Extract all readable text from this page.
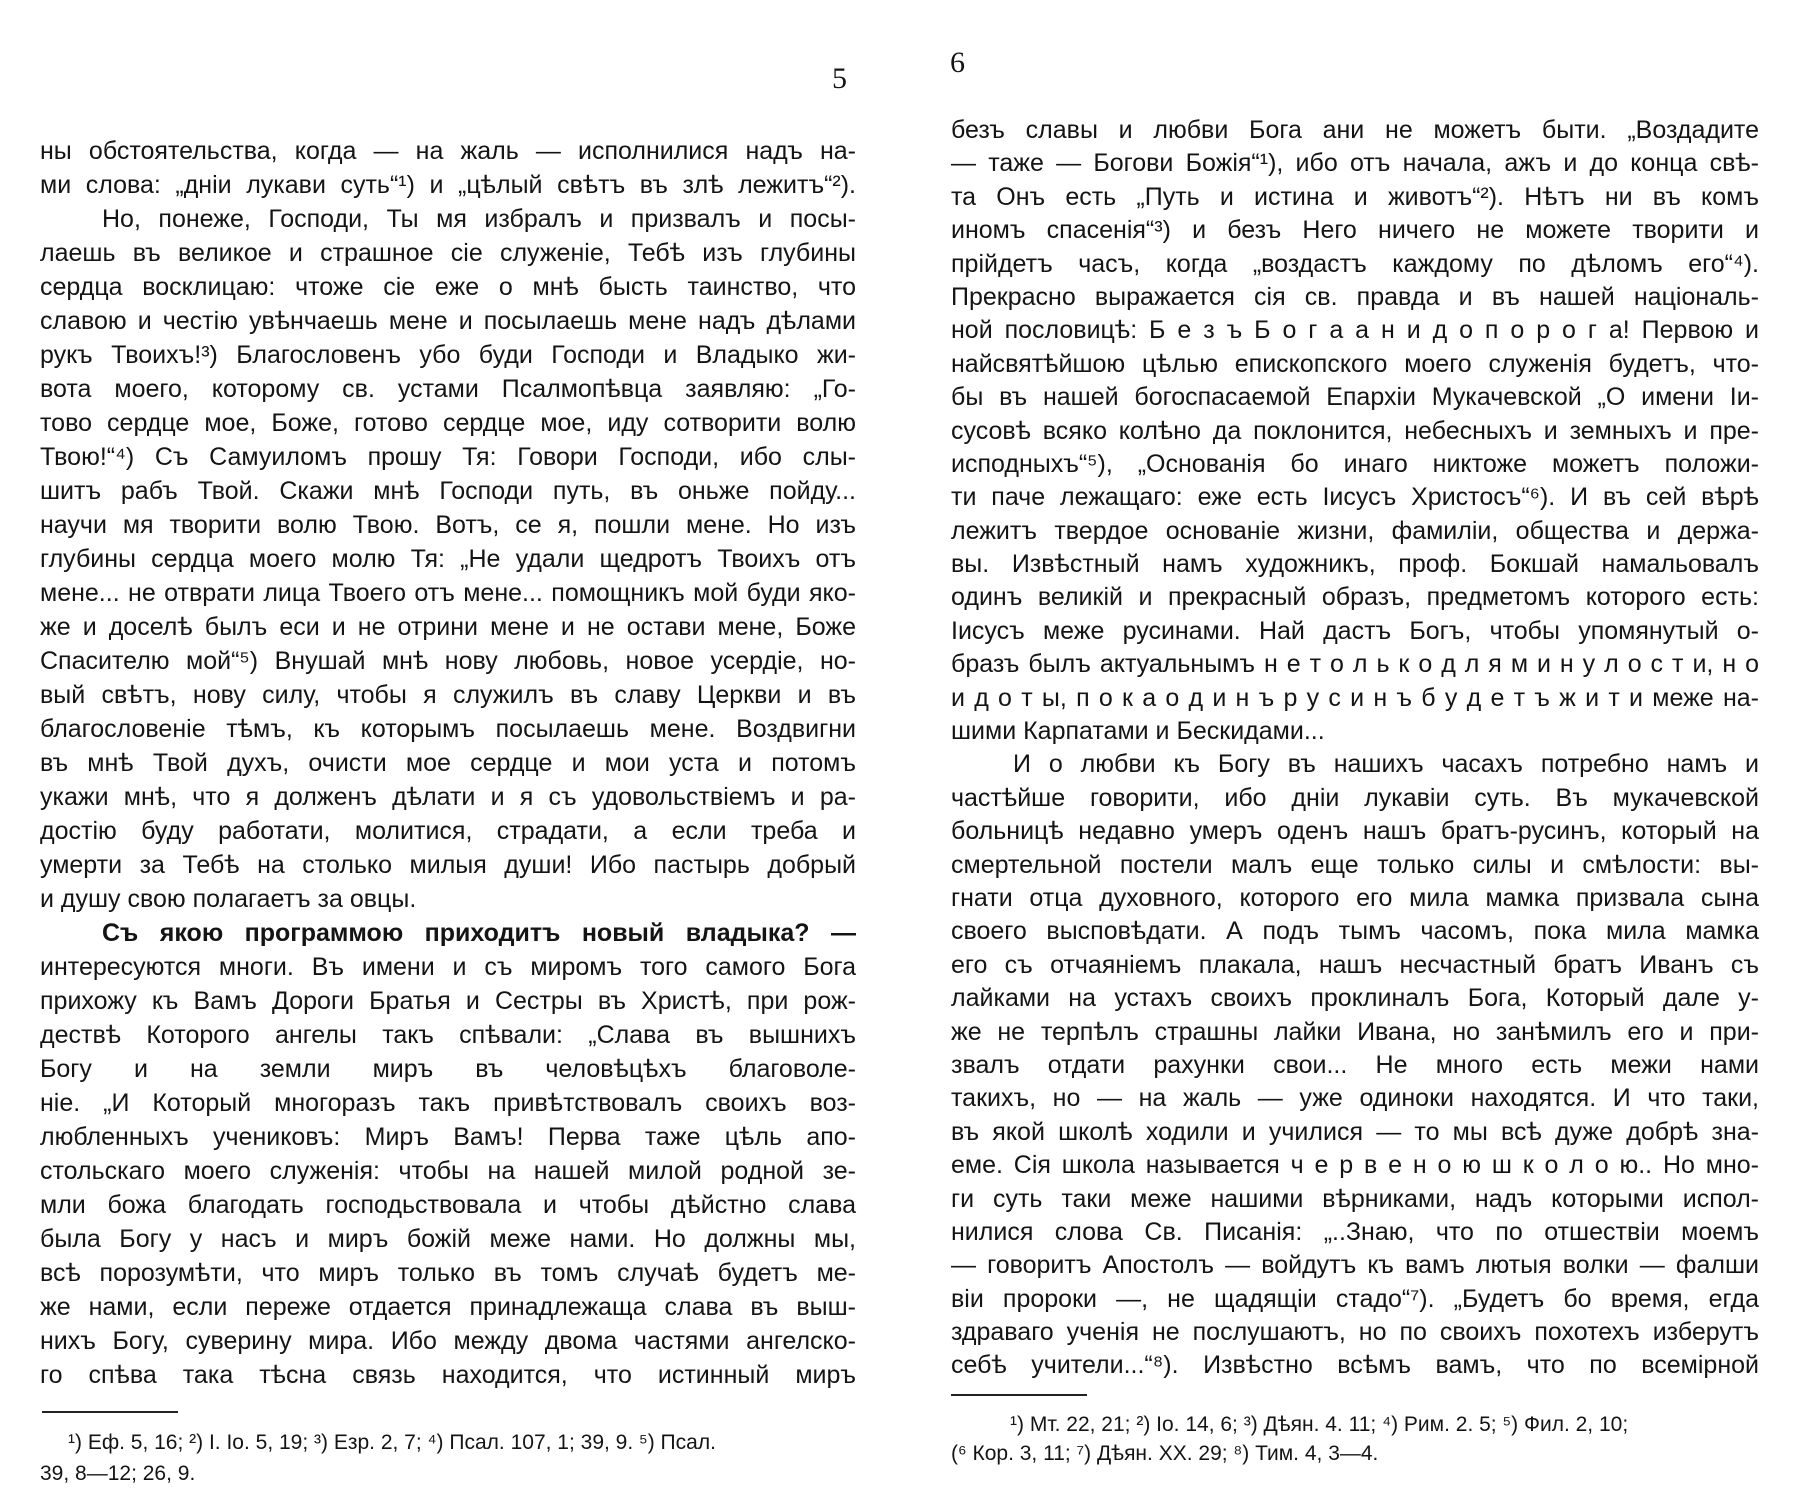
5
ны обстоятельства, когда — на жаль — исполнилися надъ на-
ми слова: „днiи лукави суть“¹) и „цѣлый свѣтъ въ злѣ лежитъ“²).
Но, понеже, Господи, Ты мя избралъ и призвалъ и посы-
лаешь въ великое и страшное сіе служеніе, Тебѣ изъ глубины
сердца восклицаю: чтоже сіе еже о мнѣ бысть таинство, что
славою и честію увѣнчаешь мене и посылаешь мене надъ дѣлами
рукъ Твоихъ!³) Благословенъ убо буди Господи и Владыко жи-
вота моего, которому св. устами Псалмопѣвца заявляю: „Го-
тово сердце мое, Боже, готово сердце мое, иду сотворити волю
Твою!“⁴) Съ Самуиломъ прошу Тя: Говори Господи, ибо слы-
шитъ рабъ Твой. Скажи мнѣ Господи путь, въ оньже пойду...
научи мя творити волю Твою. Вотъ, се я, пошли мене. Но изъ
глубины сердца моего молю Тя: „Не удали щедротъ Твоихъ отъ
мене... не отврати лица Твоего отъ мене... помощникъ мой буди яко-
же и доселѣ былъ еси и не отрини мене и не остави мене, Боже
Спасителю мой“⁵) Внушай мнѣ нову любовь, новое усердіе, но-
вый свѣтъ, нову силу, чтобы я служилъ въ славу Церкви и въ
благословеніе тѣмъ, къ которымъ посылаешь мене. Воздвигни
въ мнѣ Твой духъ, очисти мое сердце и мои уста и потомъ
укажи мнѣ, что я долженъ дѣлати и я съ удовольствіемъ и ра-
достію буду работати, молитися, страдати, а если треба и
умерти за Тебѣ на столько милыя души! Ибо пастырь добрый
и душу свою полагаетъ за овцы.
Съ якою программою приходитъ новый владыка? —
интересуются многи. Въ имени и съ миромъ того самого Бога
прихожу къ Вамъ Дороги Братья и Сестры въ Христѣ, при рож-
дествѣ Которого ангелы такъ спѣвали: „Слава въ вышнихъ
Богу и на земли миръ въ человѣцѣхъ благоволе-
ніе. „И Который многоразъ такъ привѣтствовалъ своихъ воз-
любленныхъ учениковъ: Миръ Вамъ! Перва таже цѣль апо-
стольскаго моего служенія: чтобы на нашей милой родной зе-
мли божа благодать господьствовала и чтобы дѣйстно слава
была Богу у насъ и миръ божій меже нами. Но должны мы,
всѣ порозумѣти, что миръ только въ томъ случаѣ будетъ ме-
же нами, если переже отдается принадлежаща слава въ выш-
нихъ Богу, суверину мира. Ибо между двома частями ангелско-
го спѣва така тѣсна связь находится, что истинный миръ
¹) Еф. 5, 16; ²) I. Io. 5, 19; ³) Езр. 2, 7; ⁴) Псал. 107, 1; 39, 9. ⁵) Псал.
39, 8—12; 26, 9.
6
безъ славы и любви Бога ани не можетъ быти. „Воздадите
— таже — Богови Божія“¹), ибо отъ начала, ажъ и до конца свѣ-
та Онъ есть „Путь и истина и животъ“²). Нѣтъ ни въ комъ
иномъ спасенія“³) и безъ Него ничего не можете творити и
прійдетъ часъ, когда „воздастъ каждому по дѣломъ его“⁴).
Прекрасно выражается сія св. правда и въ нашей національ-
ной пословицѣ: Б е з ъ Б о г а а н и д о п о р о г а! Первою и
найсвятѣйшою цѣлью епископского моего служенія будетъ, что-
бы въ нашей богоспасаемой Епархіи Мукачевской „О имени Іи-
сусовѣ всяко колѣно да поклонится, небесныхъ и земныхъ и пре-
исподныхъ“⁵), „Основанія бо инаго никтоже можетъ положи-
ти паче лежащаго: еже есть Іисусъ Христосъ“⁶). И въ сей вѣрѣ
лежитъ твердое основаніе жизни, фамиліи, общества и держа-
вы. Извѣстный намъ художникъ, проф. Бокшай намальовалъ
одинъ великій и прекрасный образъ, предметомъ которого есть:
Іисусъ меже русинами. Най дастъ Богъ, чтобы упомянутый о-
бразъ былъ актуальнымъ н е т о л ь к о д л я м и н у л о с т и, н о
и д о т ы, п о к а о д и н ъ р у с и н ъ б у д е т ъ ж и т и меже на-
шими Карпатами и Бескидами...
И о любви къ Богу въ нашихъ часахъ потребно намъ и
частѣйше говорити, ибо дніи лукавіи суть. Въ мукачевской
больницѣ недавно умеръ оденъ нашъ братъ-русинъ, который на
смертельной постели малъ еще только силы и смѣлости: вы-
гнати отца духовного, которого его мила мамка призвала сына
своего высповѣдати. А подъ тымъ часомъ, пока мила мамка
его съ отчаяніемъ плакала, нашъ несчастный братъ Иванъ съ
лайками на устахъ своихъ проклиналъ Бога, Который дале у-
же не терпѣлъ страшны лайки Ивана, но занѣмилъ его и при-
звалъ отдати рахунки свои... Не много есть межи нами
такихъ, но — на жаль — уже одиноки находятся. И что таки,
въ якой школѣ ходили и училися — то мы всѣ дуже добрѣ зна-
еме. Сія школа называется ч е р в е н о ю ш к о л о ю.. Но мно-
ги суть таки меже нашими вѣрниками, надъ которыми испол-
нилися слова Св. Писанія: „..Знаю, что по отшествіи моемъ
— говоритъ Апостолъ — войдутъ къ вамъ лютыя волки — фалши
віи пророки —, не щадящіи стадо“⁷). „Будетъ бо время, егда
здраваго ученія не послушаютъ, но по своихъ похотехъ изберутъ
себѣ учители...“⁸). Извѣстно всѣмъ вамъ, что по всемірной
¹) Мт. 22, 21; ²) Io. 14, 6; ³) Дѣян. 4. 11; ⁴) Рим. 2. 5; ⁵) Фил. 2, 10;
(⁶ Кор. 3, 11; ⁷) Дѣян. XX. 29; ⁸) Тим. 4, 3—4.
